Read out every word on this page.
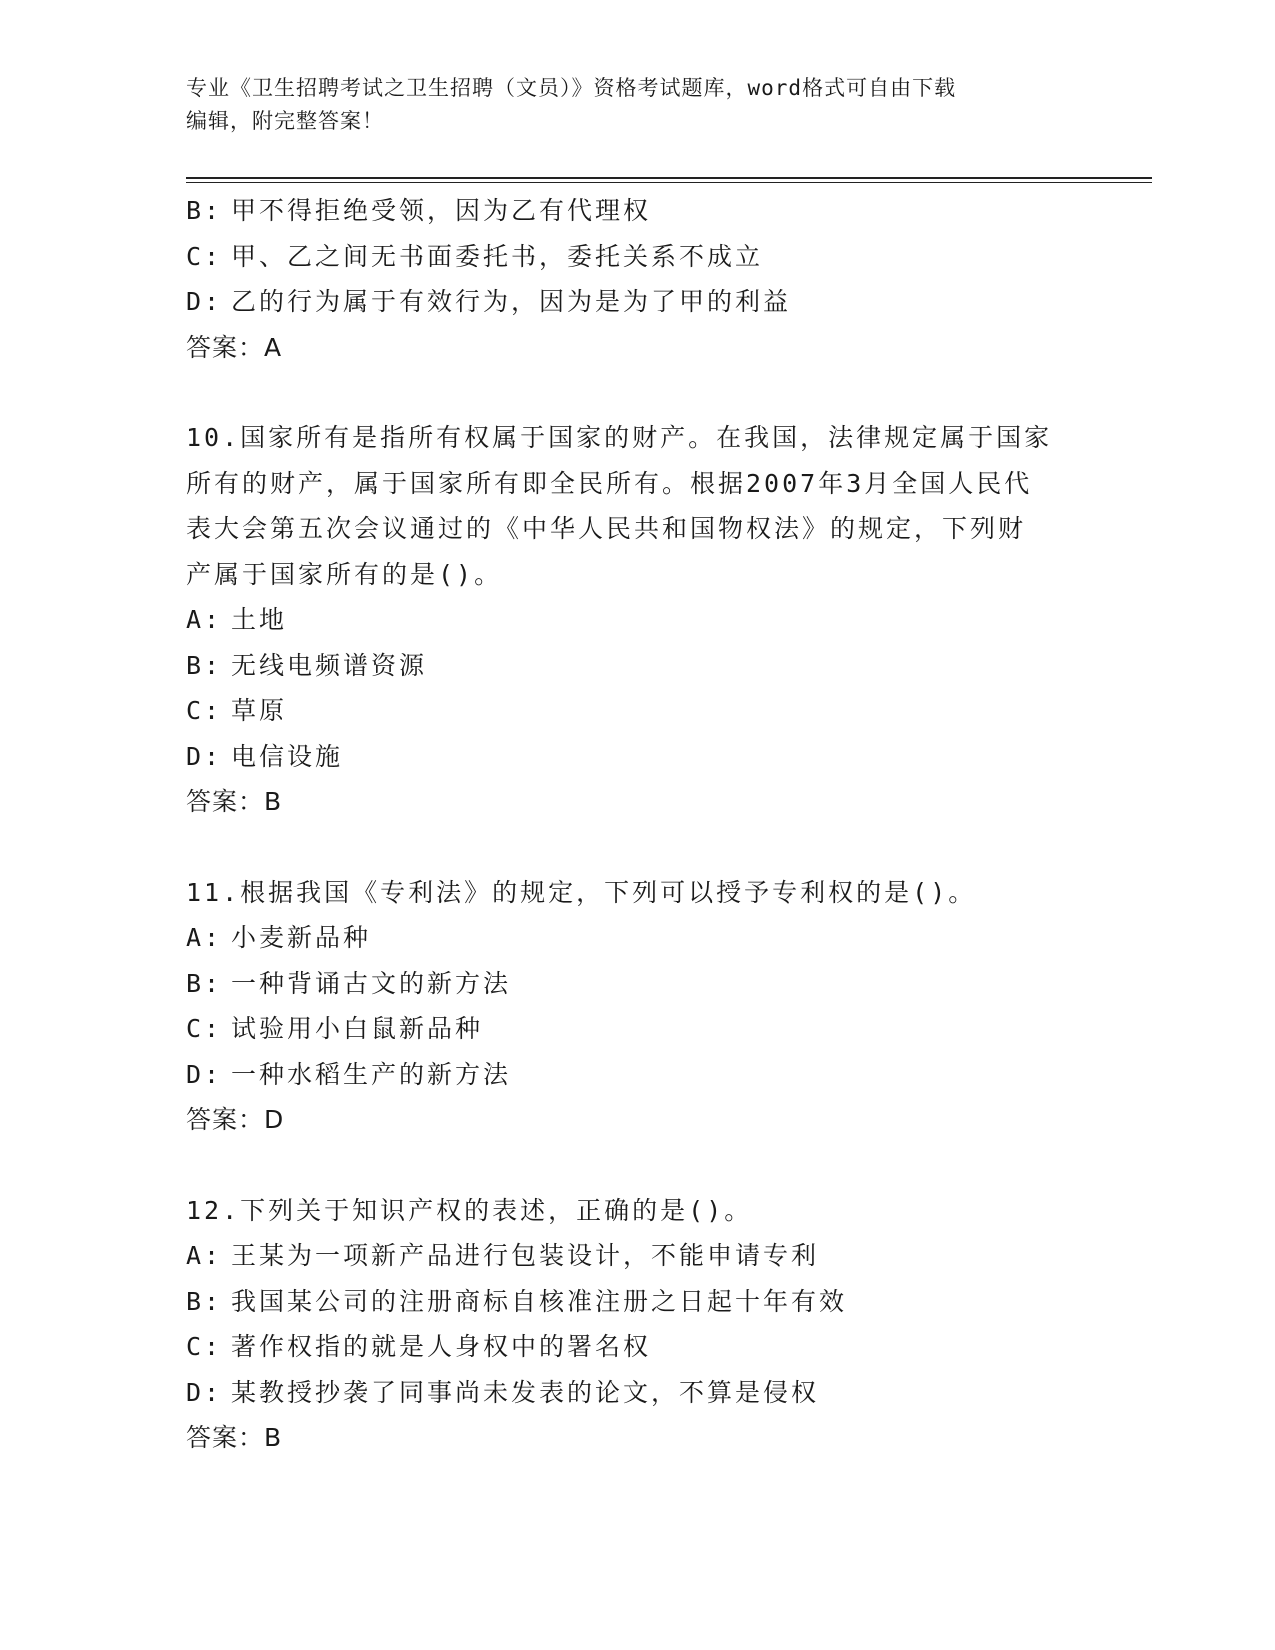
专业《卫生招聘考试之卫生招聘（文员）》资格考试题库，word格式可自由下载
编辑，附完整答案！
B: 甲不得拒绝受领，因为乙有代理权
C: 甲、乙之间无书面委托书，委托关系不成立
D: 乙的行为属于有效行为，因为是为了甲的利益
答案：A
10.国家所有是指所有权属于国家的财产。在我国，法律规定属于国家
所有的财产，属于国家所有即全民所有。根据2007年3月全国人民代
表大会第五次会议通过的《中华人民共和国物权法》的规定，下列财
产属于国家所有的是()。
A: 土地
B: 无线电频谱资源
C: 草原
D: 电信设施
答案：B
11.根据我国《专利法》的规定，下列可以授予专利权的是()。
A: 小麦新品种
B: 一种背诵古文的新方法
C: 试验用小白鼠新品种
D: 一种水稻生产的新方法
答案：D
12.下列关于知识产权的表述，正确的是()。
A: 王某为一项新产品进行包装设计，不能申请专利
B: 我国某公司的注册商标自核准注册之日起十年有效
C: 著作权指的就是人身权中的署名权
D: 某教授抄袭了同事尚未发表的论文，不算是侵权
答案：B
